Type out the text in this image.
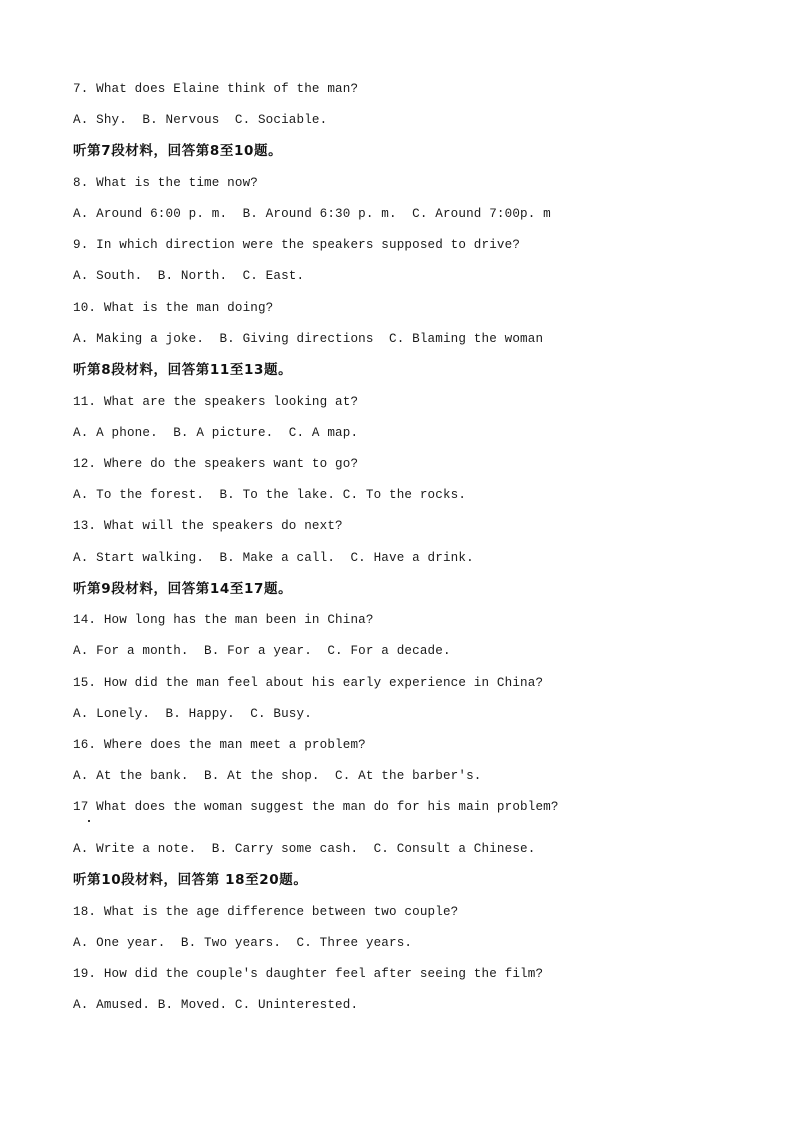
7. What does Elaine think of the man?
A. Shy.  B. Nervous  C. Sociable.
听第7段材料，回答第8至10题。
8. What is the time now?
A. Around 6:00 p. m.  B. Around 6:30 p. m.  C. Around 7:00p. m
9. In which direction were the speakers supposed to drive?
A. South.  B. North.  C. East.
10. What is the man doing?
A. Making a joke.  B. Giving directions  C. Blaming the woman
听第8段材料，回答第11至13题。
11. What are the speakers looking at?
A. A phone.  B. A picture.  C. A map.
12. Where do the speakers want to go?
A. To the forest.  B. To the lake. C. To the rocks.
13. What will the speakers do next?
A. Start walking.  B. Make a call.  C. Have a drink.
听第9段材料，回答第14至17题。
14. How long has the man been in China?
A. For a month.  B. For a year.  C. For a decade.
15. How did the man feel about his early experience in China?
A. Lonely.  B. Happy.  C. Busy.
16. Where does the man meet a problem?
A. At the bank.  B. At the shop.  C. At the barber's.
17 What does the woman suggest the man do for his main problem?
A. Write a note.  B. Carry some cash.  C. Consult a Chinese.
听第10段材料，回答第 18至20题。
18. What is the age difference between two couple?
A. One year.  B. Two years.  C. Three years.
19. How did the couple's daughter feel after seeing the film?
A. Amused. B. Moved. C. Uninterested.
